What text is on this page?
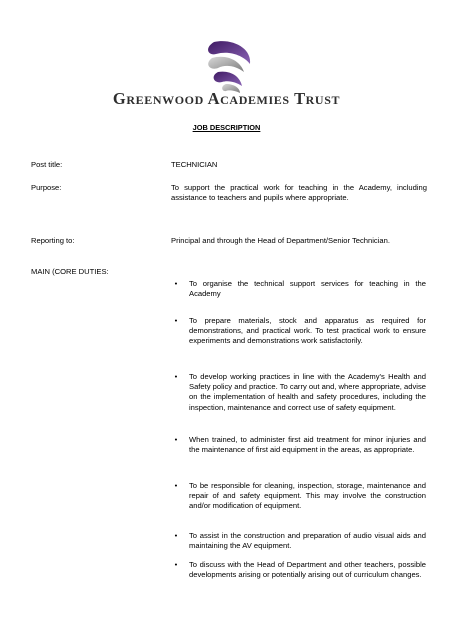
Greenwood Academies Trust
JOB DESCRIPTION
Post title:	TECHNICIAN
Purpose:	To support the practical work for teaching in the Academy, including assistance to teachers and pupils where appropriate.
Reporting to:	Principal and through the Head of Department/Senior Technician.
MAIN (CORE DUTIES:
•	To organise the technical support services for teaching in the Academy
•	To prepare materials, stock and apparatus as required for demonstrations, and practical work. To test practical work to ensure experiments and demonstrations work satisfactorily.
•	To develop working practices in line with the Academy's Health and Safety policy and practice. To carry out and, where appropriate, advise on the implementation of health and safety procedures, including the inspection, maintenance and correct use of safety equipment.
•	When trained, to administer first aid treatment for minor injuries and the maintenance of first aid equipment in the areas, as appropriate.
•	To be responsible for cleaning, inspection, storage, maintenance and repair of and safety equipment. This may involve the construction and/or modification of equipment.
•	To assist in the construction and preparation of audio visual aids and maintaining the AV equipment.
•	To discuss with the Head of Department and other teachers, possible developments arising or potentially arising out of curriculum changes.
